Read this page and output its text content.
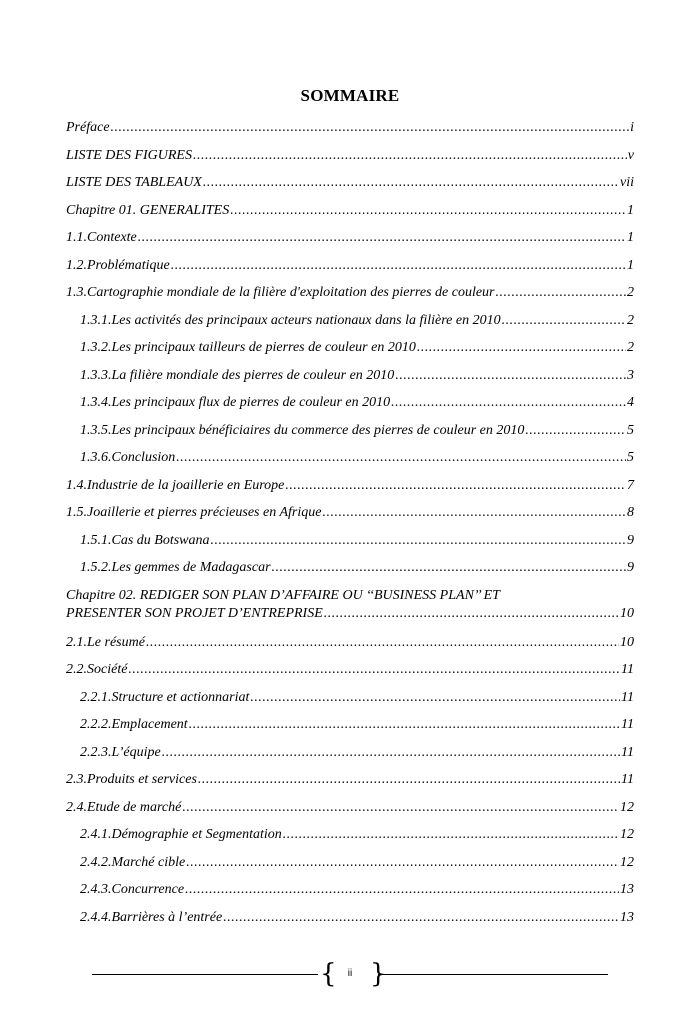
SOMMAIRE
Préface .....	i
LISTE DES FIGURES .....	v
LISTE DES TABLEAUX .....	vii
Chapitre 01. GENERALITES .....	1
1.1. Contexte .....	1
1.2. Problématique .....	1
1.3. Cartographie mondiale de la filière d'exploitation des pierres de couleur .....	2
1.3.1. Les activités des principaux acteurs nationaux dans la filière en 2010 .....	2
1.3.2. Les principaux tailleurs de pierres de couleur en 2010 .....	2
1.3.3. La filière mondiale des pierres de couleur en 2010 .....	3
1.3.4. Les principaux flux de pierres de couleur en 2010 .....	4
1.3.5. Les principaux bénéficiaires du commerce des pierres de couleur en 2010 .....	5
1.3.6. Conclusion .....	5
1.4. Industrie de la joaillerie en Europe .....	7
1.5. Joaillerie et pierres précieuses en Afrique .....	8
1.5.1. Cas du Botswana .....	9
1.5.2. Les gemmes de Madagascar .....	9
Chapitre 02. REDIGER SON PLAN D’AFFAIRE OU ‘‘BUSINESS PLAN’’ ET
PRESENTER SON PROJET D’ENTREPRISE .....	10
2.1. Le résumé .....	10
2.2. Société .....	11
2.2.1. Structure et actionnariat .....	11
2.2.2. Emplacement .....	11
2.2.3. L’équipe .....	11
2.3. Produits et services .....	11
2.4. Etude de marché .....	12
2.4.1. Démographie et Segmentation .....	12
2.4.2. Marché cible .....	12
2.4.3. Concurrence .....	13
2.4.4. Barrières à l’entrée .....	13
{	ii }
